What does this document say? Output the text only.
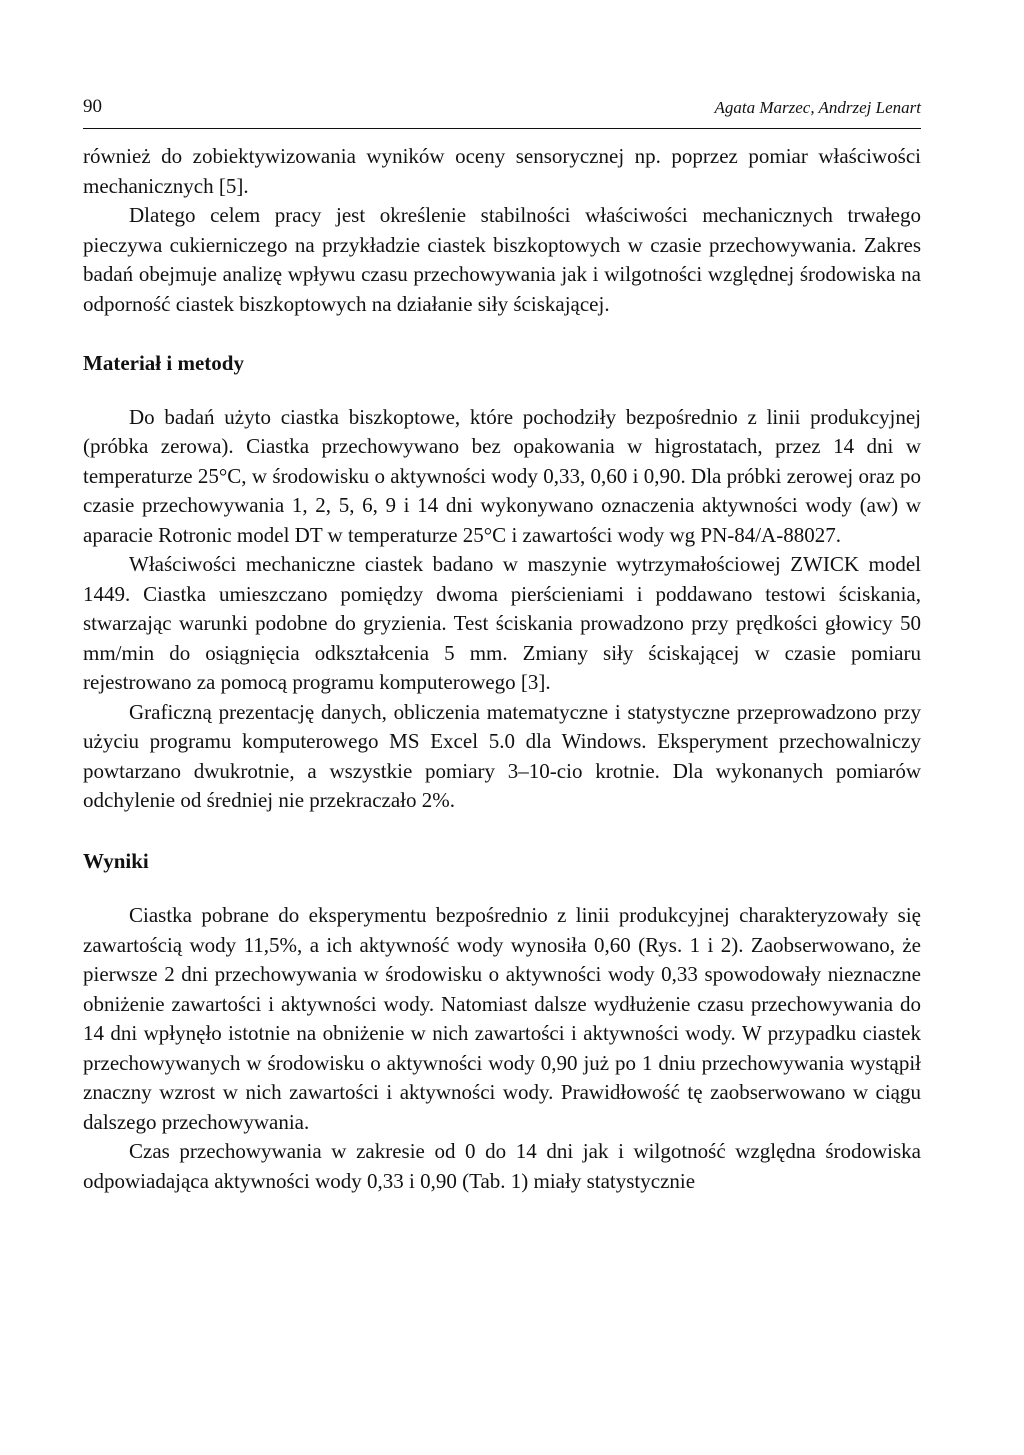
90	Agata Marzec, Andrzej Lenart

również do zobiektywizowania wyników oceny sensorycznej np. poprzez pomiar właściwości mechanicznych [5].

Dlatego celem pracy jest określenie stabilności właściwości mechanicznych trwałego pieczywa cukierniczego na przykładzie ciastek biszkoptowych w czasie przechowywania. Zakres badań obejmuje analizę wpływu czasu przechowywania jak i wilgotności względnej środowiska na odporność ciastek biszkoptowych na działanie siły ściskającej.

Materiał i metody

Do badań użyto ciastka biszkoptowe, które pochodziły bezpośrednio z linii produkcyjnej (próbka zerowa). Ciastka przechowywano bez opakowania w higrostatach, przez 14 dni w temperaturze 25°C, w środowisku o aktywności wody 0,33, 0,60 i 0,90. Dla próbki zerowej oraz po czasie przechowywania 1, 2, 5, 6, 9 i 14 dni wykonywano oznaczenia aktywności wody (aw) w aparacie Rotronic model DT w temperaturze 25°C i zawartości wody wg PN-84/A-88027.

Właściwości mechaniczne ciastek badano w maszynie wytrzymałościowej ZWICK model 1449. Ciastka umieszczano pomiędzy dwoma pierścieniami i poddawano testowi ściskania, stwarzając warunki podobne do gryzienia. Test ściskania prowadzono przy prędkości głowicy 50 mm/min do osiągnięcia odkształcenia 5 mm. Zmiany siły ściskającej w czasie pomiaru rejestrowano za pomocą programu komputerowego [3].

Graficzną prezentację danych, obliczenia matematyczne i statystyczne przeprowadzono przy użyciu programu komputerowego MS Excel 5.0 dla Windows. Eksperyment przechowalniczy powtarzano dwukrotnie, a wszystkie pomiary 3–10-cio krotnie. Dla wykonanych pomiarów odchylenie od średniej nie przekraczało 2%.

Wyniki

Ciastka pobrane do eksperymentu bezpośrednio z linii produkcyjnej charakteryzowały się zawartością wody 11,5%, a ich aktywność wody wynosiła 0,60 (Rys. 1 i 2). Zaobserwowano, że pierwsze 2 dni przechowywania w środowisku o aktywności wody 0,33 spowodowały nieznaczne obniżenie zawartości i aktywności wody. Natomiast dalsze wydłużenie czasu przechowywania do 14 dni wpłynęło istotnie na obniżenie w nich zawartości i aktywności wody. W przypadku ciastek przechowywanych w środowisku o aktywności wody 0,90 już po 1 dniu przechowywania wystąpił znaczny wzrost w nich zawartości i aktywności wody. Prawidłowość tę zaobserwowano w ciągu dalszego przechowywania.

Czas przechowywania w zakresie od 0 do 14 dni jak i wilgotność względna środowiska odpowiadająca aktywności wody 0,33 i 0,90 (Tab. 1) miały statystycznie
